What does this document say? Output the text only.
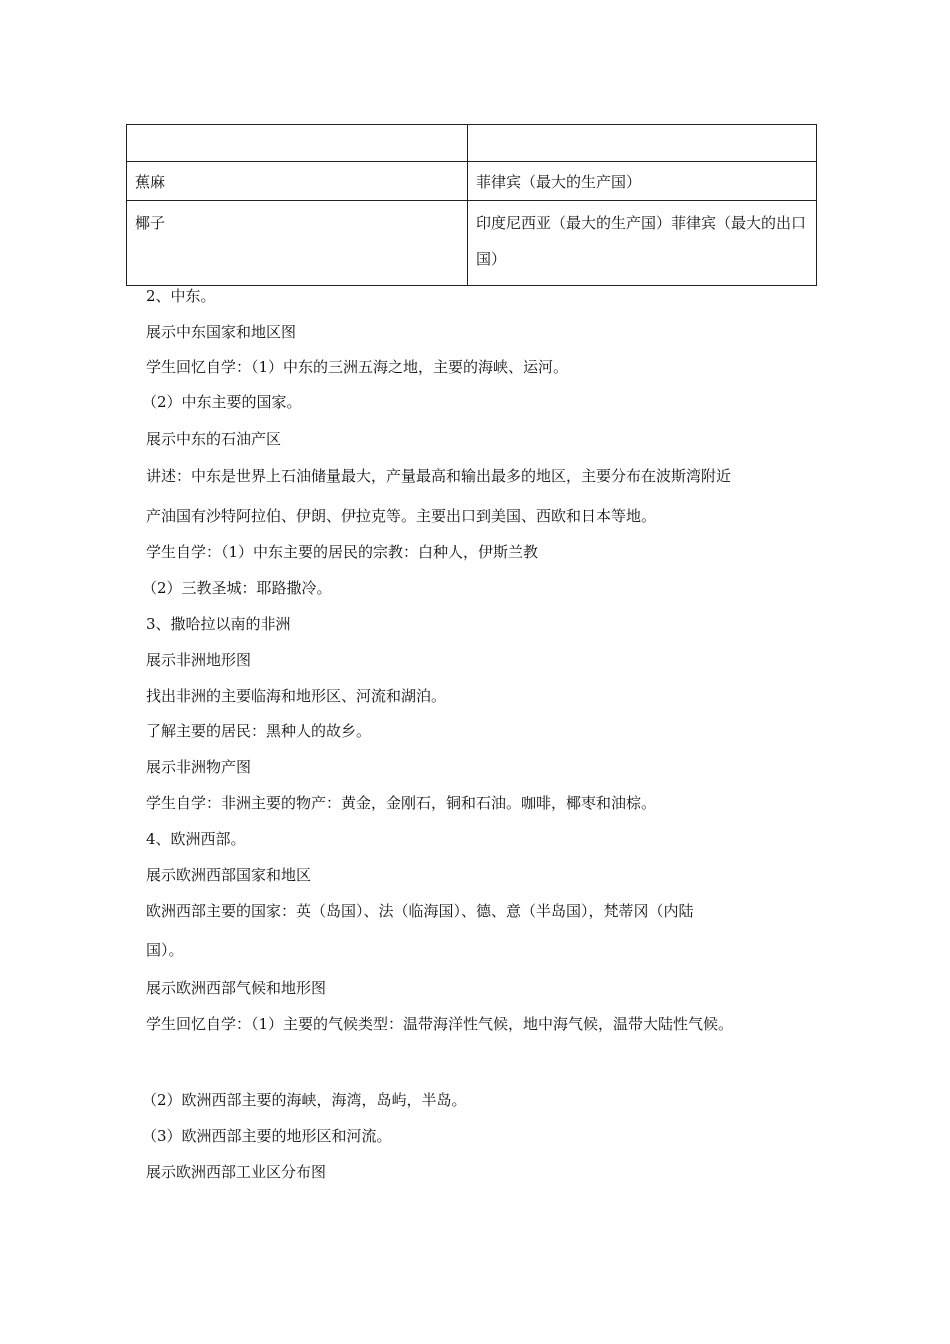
蕉麻	菲律宾（最大的生产国）
椰子	印度尼西亚（最大的生产国）菲律宾（最大的出口国）
2、中东。
展示中东国家和地区图
学生回忆自学：（1）中东的三洲五海之地，主要的海峡、运河。
（2）中东主要的国家。
展示中东的石油产区
讲述：中东是世界上石油储量最大，产量最高和输出最多的地区，主要分布在波斯湾附近
产油国有沙特阿拉伯、伊朗、伊拉克等。主要出口到美国、西欧和日本等地。
学生自学：（1）中东主要的居民的宗教：白种人，伊斯兰教
（2）三教圣城：耶路撒冷。
3、撒哈拉以南的非洲
展示非洲地形图
找出非洲的主要临海和地形区、河流和湖泊。
了解主要的居民：黑种人的故乡。
展示非洲物产图
学生自学：非洲主要的物产：黄金，金刚石，铜和石油。咖啡，椰枣和油棕。
4、欧洲西部。
展示欧洲西部国家和地区
欧洲西部主要的国家：英（岛国）、法（临海国）、德、意（半岛国），梵蒂冈（内陆
国）。
展示欧洲西部气候和地形图
学生回忆自学：（1）主要的气候类型：温带海洋性气候，地中海气候，温带大陆性气候。
（2）欧洲西部主要的海峡，海湾，岛屿，半岛。
（3）欧洲西部主要的地形区和河流。
展示欧洲西部工业区分布图
